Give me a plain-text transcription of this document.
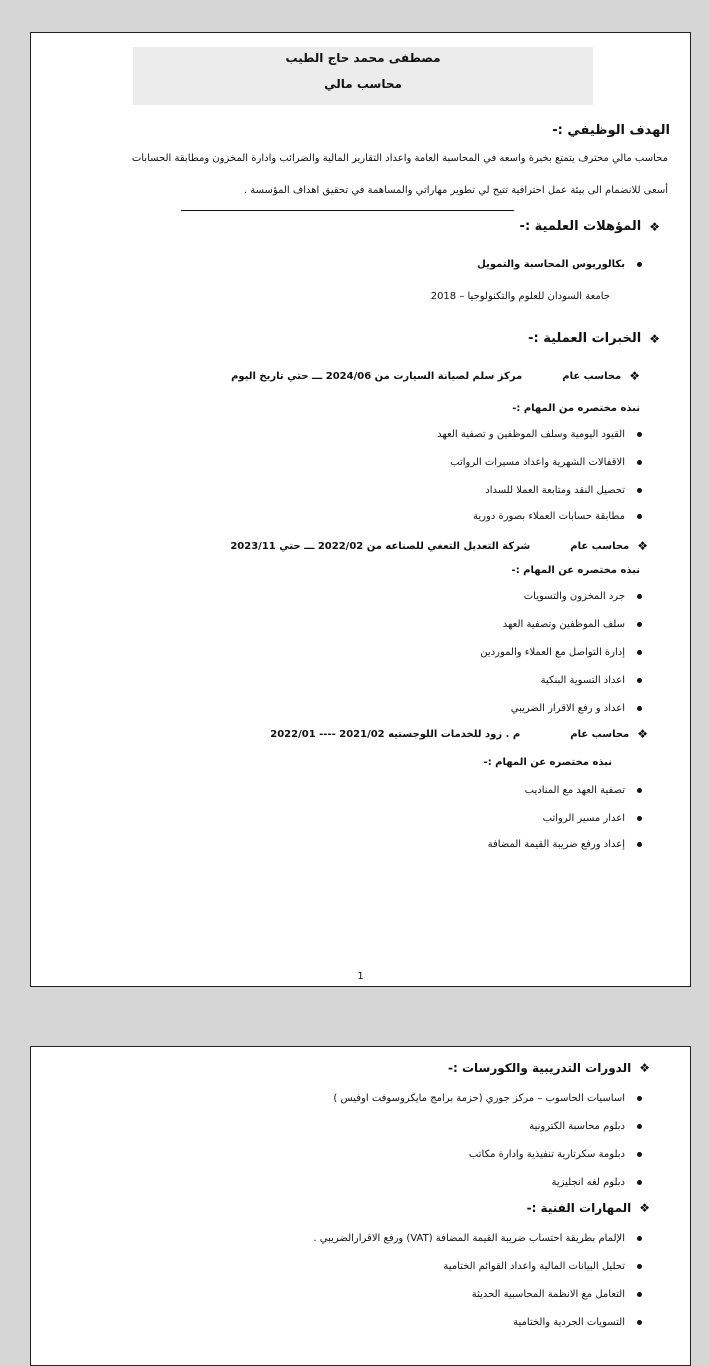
مصطفى محمد حاج الطيب
محاسب مالي
الهدف الوظيفي :-
محاسب مالي محترف يتمتع بخبرة واسعه في المحاسبة العامة واعداد التقارير المالية والضرائب وادارة المخزون ومطابقة الحسابات
أسعى للانضمام الى بيئة عمل احترافية تتيح لي تطوير مهاراتي والمساهمة في تحقيق اهداف المؤسسة .
❖
المؤهلات العلمية :-
بكالوريوس المحاسبة والتمويل
جامعة السودان للعلوم والتكنولوجيا – 2018
❖
الخبرات العملية :-
❖
محاسب عام
مركز سلم لصيانة السيارت من 2024/06 ـــ حتي تاريخ اليوم
نبذه مختصره من المهام :-
القيود اليومية وسلف الموظفين و تصفية العهد
الاقفالات الشهرية واعداد مسيرات الرواتب
تحصيل النقد ومتابعة العملا للسداد
مطابقة حسابات العملاء بصورة دورية
❖
محاسب عام
شركة التعديل التعغي للصناعه من 2022/02 ـــ حتي 2023/11
نبذه مختصره عن المهام :-
جرد المخزون والتسويات
سلف الموظفين وتصفية العهد
إدارة التواصل مع العملاء والموردين
اعداد التسوية البنكية
اعداد و رفع الاقرار الضريبي
❖
محاسب عام
م . زود للخدمات اللوجستيه 2021/02 ---- 2022/01
نبذه مختصره عن المهام :-
تصفية العهد مع المناديب
اعدار مسير الرواتب
إعداد ورفع ضريبة القيمة المضافة
1
❖
الدورات التدريبية والكورسات :-
اساسيات الحاسوب – مركز جوري (حزمة برامج مايكروسوفت اوفيس )
دبلوم محاسبة الكترونية
دبلومة سكرتارية تنفيذية وادارة مكاتب
دبلوم لغه انجليزية
❖
المهارات الفنية :-
الإلمام بطريقة احتساب ضريبة القيمة المضافة (VAT) ورفع الاقرارالضريبي .
تحليل البيانات المالية واعداد القوائم الختامية
التعامل مع الانظمة المحاسبية الحديثة
التسويات الجردية والختامية
